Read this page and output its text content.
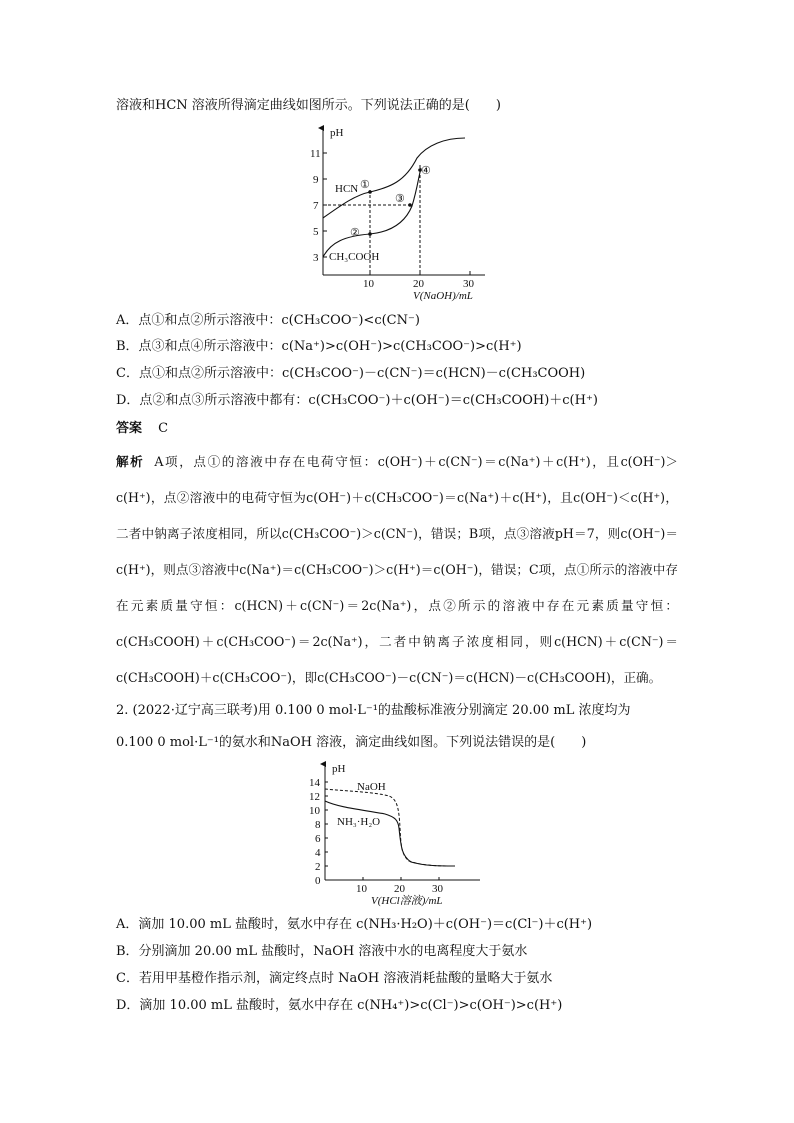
溶液和HCN 溶液所得滴定曲线如图所示。下列说法正确的是(　　)
pH
11
9
7
5
3
10	20	30
V(NaOH)/mL
HCN ①
②
③
④
CH₃COOH
A．点①和点②所示溶液中：c(CH₃COO⁻)<c(CN⁻)
B．点③和点④所示溶液中：c(Na⁺)>c(OH⁻)>c(CH₃COO⁻)>c(H⁺)
C．点①和点②所示溶液中：c(CH₃COO⁻)－c(CN⁻)＝c(HCN)－c(CH₃COOH)
D．点②和点③所示溶液中都有：c(CH₃COO⁻)＋c(OH⁻)＝c(CH₃COOH)＋c(H⁺)
答案 C
解析 A项，点①的溶液中存在电荷守恒：c(OH⁻)＋c(CN⁻)＝c(Na⁺)＋c(H⁺)，且c(OH⁻)＞c(H⁺)，点②溶液中的电荷守恒为c(OH⁻)＋c(CH₃COO⁻)＝c(Na⁺)＋c(H⁺)，且c(OH⁻)＜c(H⁺)，二者中钠离子浓度相同，所以c(CH₃COO⁻)＞c(CN⁻)，错误；B项，点③溶液pH＝7，则c(OH⁻)＝c(H⁺)，则点③溶液中c(Na⁺)＝c(CH₃COO⁻)＞c(H⁺)＝c(OH⁻)，错误；C项，点①所示的溶液中存在元素质量守恒：c(HCN)＋c(CN⁻)＝2c(Na⁺)，点②所示的溶液中存在元素质量守恒：c(CH₃COOH)＋c(CH₃COO⁻)＝2c(Na⁺)，二者中钠离子浓度相同，则c(HCN)＋c(CN⁻)＝c(CH₃COOH)＋c(CH₃COO⁻)，即c(CH₃COO⁻)－c(CN⁻)＝c(HCN)－c(CH₃COOH)，正确。
2. (2022·辽宁高三联考)用 0.100 0 mol·L⁻¹的盐酸标准液分别滴定 20.00 mL 浓度均为
0.100 0 mol·L⁻¹的氨水和NaOH 溶液，滴定曲线如图。下列说法错误的是(　　)
pH
14
12
10
8
6
4
2
0
10 20 30
V(HCl溶液)/mL
NaOH
NH₃·H₂O
A．滴加 10.00 mL 盐酸时，氨水中存在 c(NH₃·H₂O)＋c(OH⁻)＝c(Cl⁻)＋c(H⁺)
B．分别滴加 20.00 mL 盐酸时，NaOH 溶液中水的电离程度大于氨水
C．若用甲基橙作指示剂，滴定终点时 NaOH 溶液消耗盐酸的量略大于氨水
D．滴加 10.00 mL 盐酸时，氨水中存在 c(NH₄⁺)>c(Cl⁻)>c(OH⁻)>c(H⁺)
